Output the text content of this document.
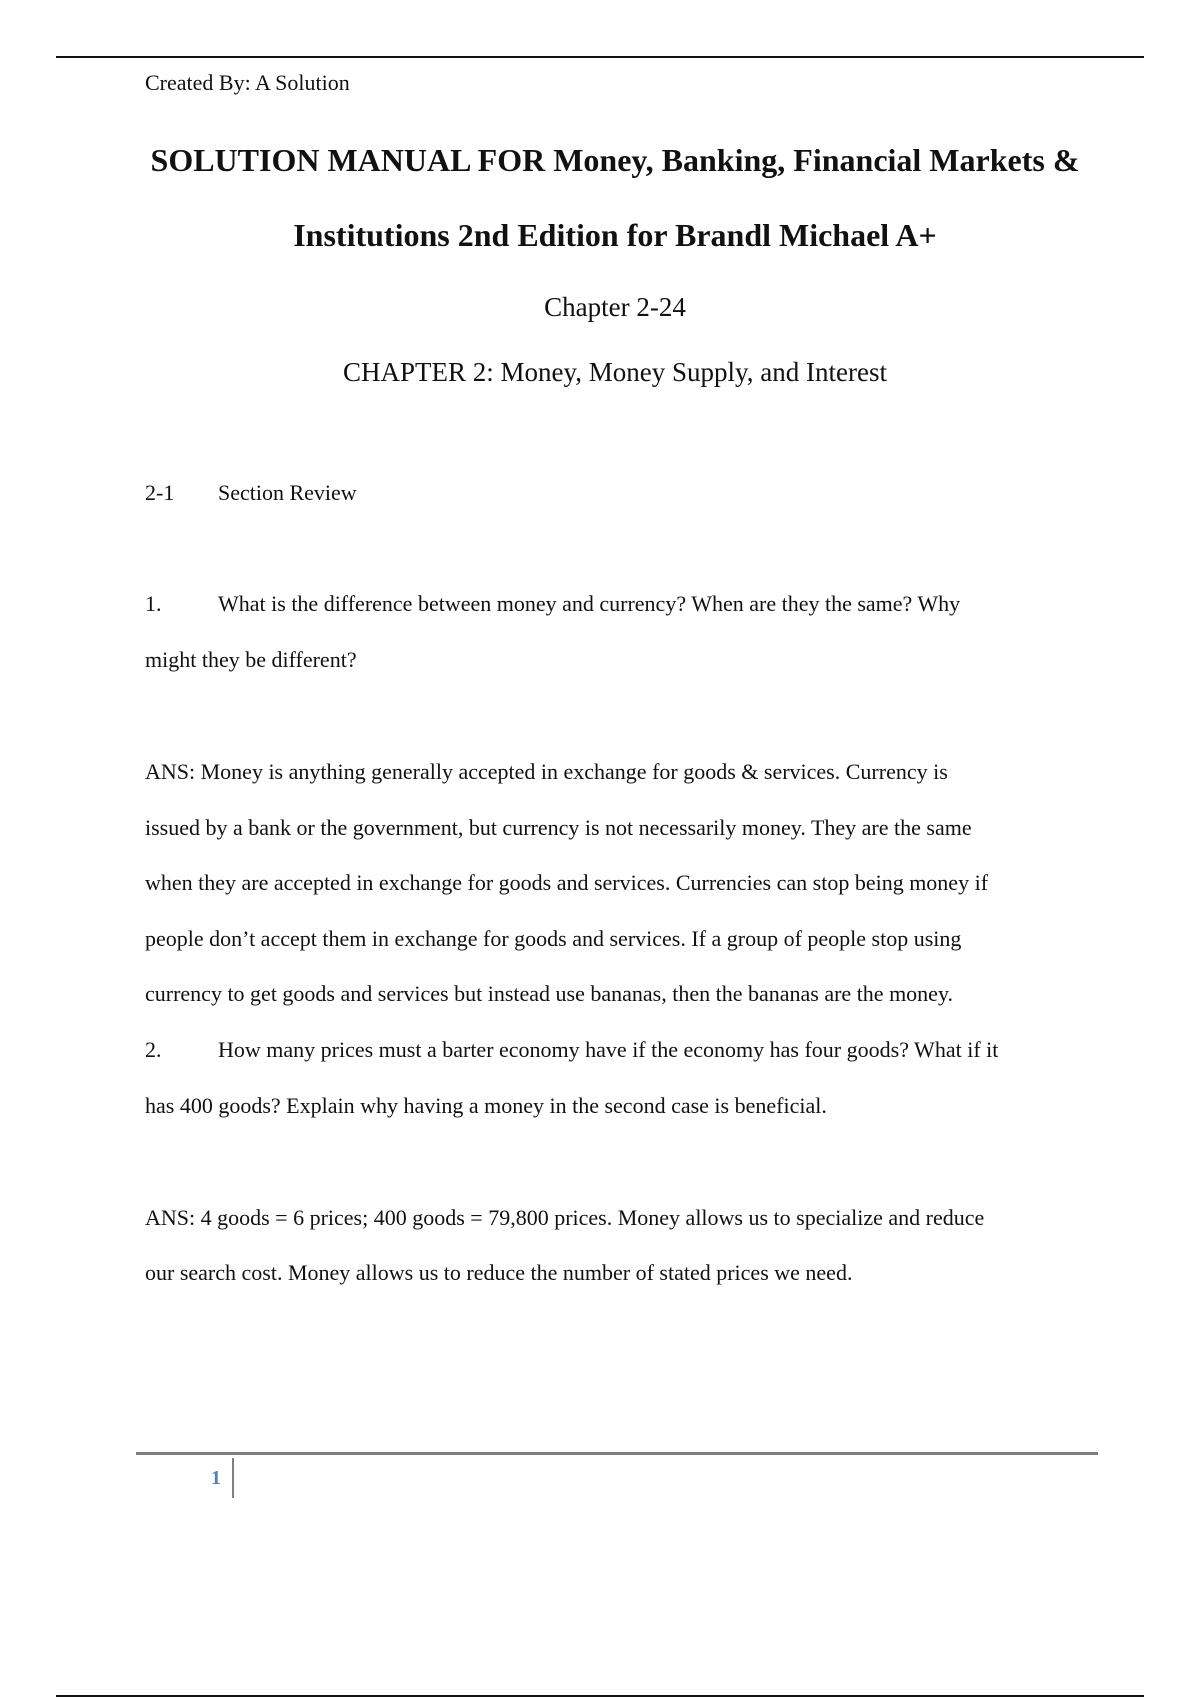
Created By: A Solution
SOLUTION MANUAL FOR Money, Banking, Financial Markets &
Institutions 2nd Edition for Brandl Michael A+
Chapter 2-24
CHAPTER 2: Money, Money Supply, and Interest
2-1 Section Review
1.	What is the difference between money and currency? When are they the same? Why
might they be different?
ANS: Money is anything generally accepted in exchange for goods & services. Currency is
issued by a bank or the government, but currency is not necessarily money. They are the same
when they are accepted in exchange for goods and services. Currencies can stop being money if
people don’t accept them in exchange for goods and services. If a group of people stop using
currency to get goods and services but instead use bananas, then the bananas are the money.
2.	How many prices must a barter economy have if the economy has four goods? What if it
has 400 goods? Explain why having a money in the second case is beneficial.
ANS: 4 goods = 6 prices; 400 goods = 79,800 prices. Money allows us to specialize and reduce
our search cost. Money allows us to reduce the number of stated prices we need.
1
